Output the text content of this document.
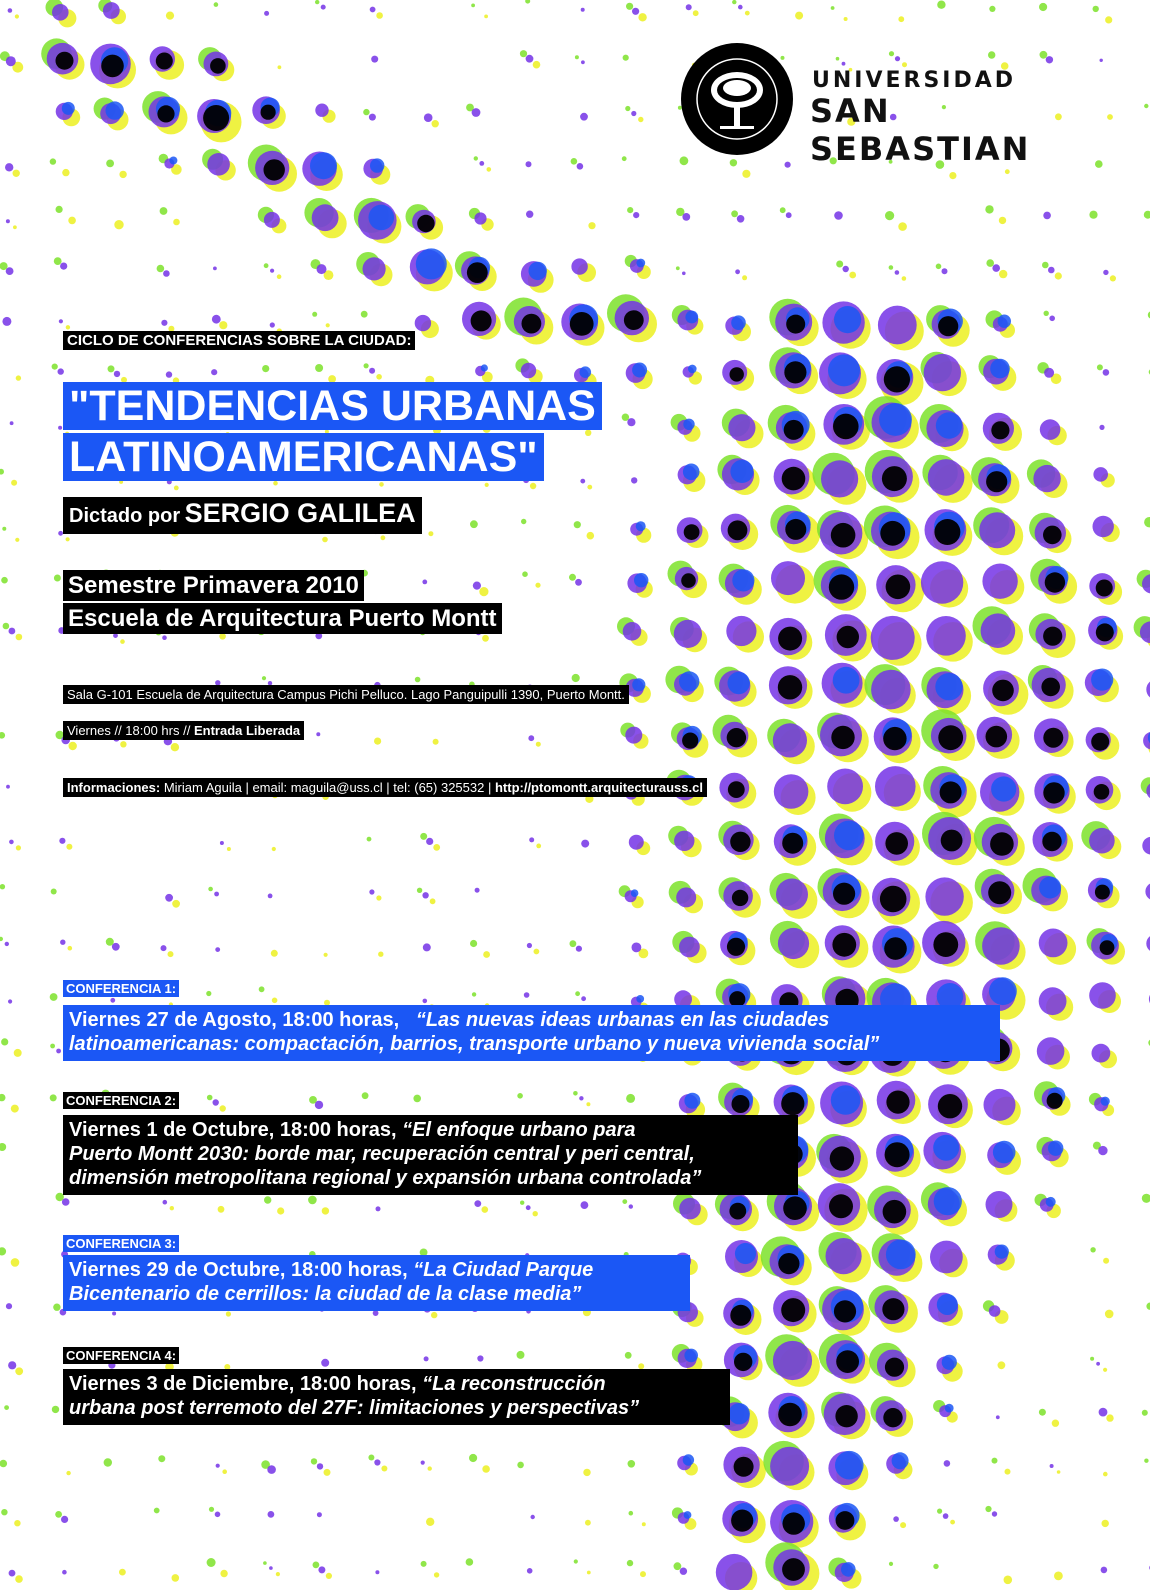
UNIVERSIDAD
SAN SEBASTIAN
CICLO DE CONFERENCIAS SOBRE LA CIUDAD:
"TENDENCIAS URBANAS
LATINOAMERICANAS"
Dictado por SERGIO GALILEA
Semestre Primavera 2010
Escuela de Arquitectura Puerto Montt
Sala G-101 Escuela de Arquitectura Campus Pichi Pelluco. Lago Panguipulli 1390, Puerto Montt.
Viernes // 18:00 hrs // Entrada Liberada
Informaciones: Miriam Aguila | email: maguila@uss.cl | tel: (65) 325532 | http://ptomontt.arquitecturauss.cl
CONFERENCIA 1:
Viernes 27 de Agosto, 18:00 horas, “Las nuevas ideas urbanas en las ciudades
latinoamericanas: compactación, barrios, transporte urbano y nueva vivienda social”
CONFERENCIA 2:
Viernes 1 de Octubre, 18:00 horas, “El enfoque urbano para
Puerto Montt 2030: borde mar, recuperación central y peri central,
dimensión metropolitana regional y expansión urbana controlada”
CONFERENCIA 3:
Viernes 29 de Octubre, 18:00 horas, “La Ciudad Parque
Bicentenario de cerrillos: la ciudad de la clase media”
CONFERENCIA 4:
Viernes 3 de Diciembre, 18:00 horas, “La reconstrucción
urbana post terremoto del 27F: limitaciones y perspectivas”
